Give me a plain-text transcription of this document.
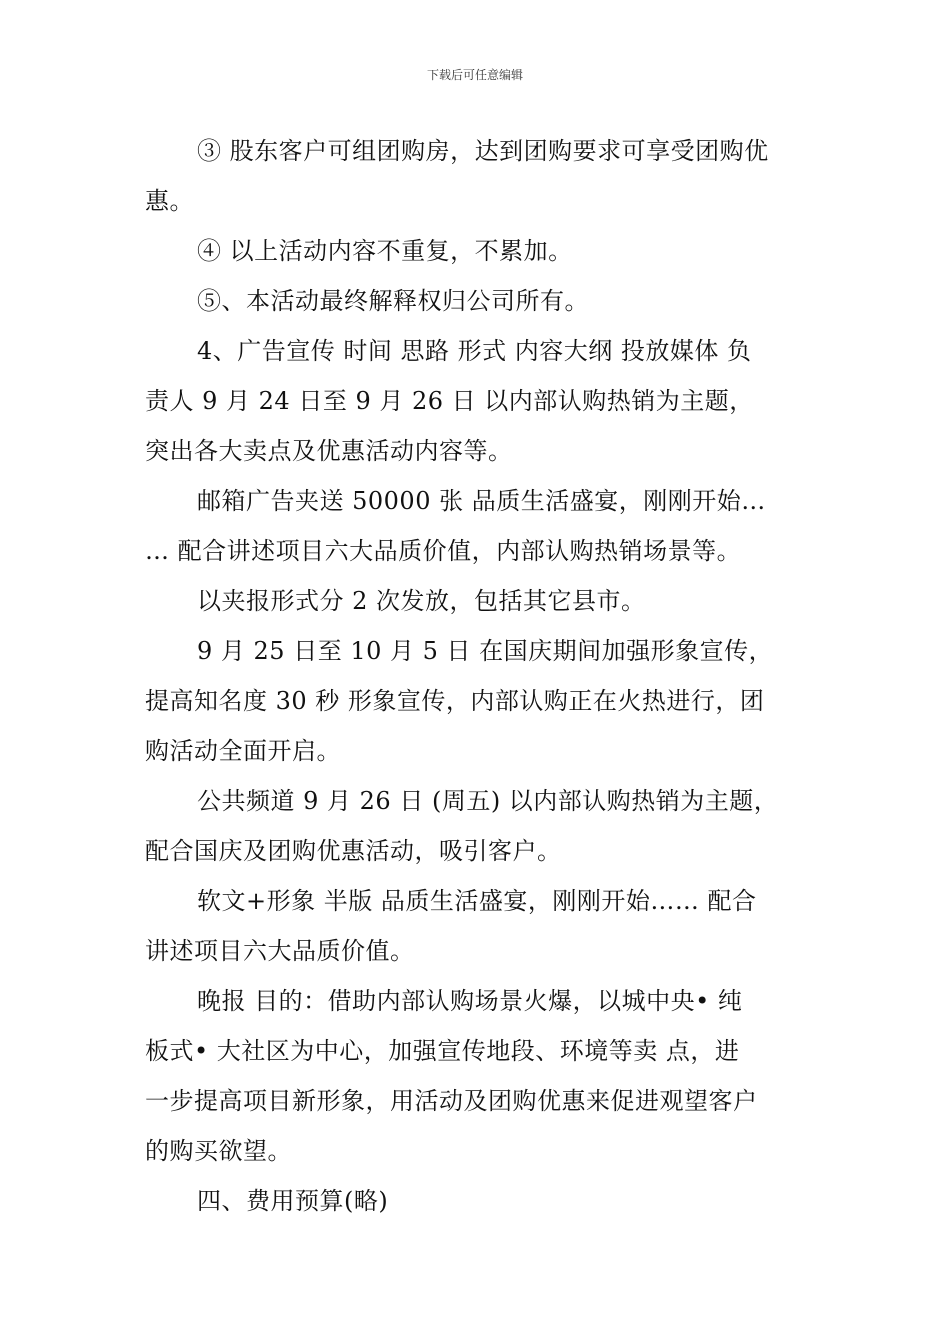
下载后可任意编辑
③ 股东客户可组团购房，达到团购要求可享受团购优
惠。
④ 以上活动内容不重复，不累加。
⑤、本活动最终解释权归公司所有。
4、广告宣传 时间 思路 形式 内容大纲 投放媒体 负
责人 9 月 24 日至 9 月 26 日 以内部认购热销为主题，
突出各大卖点及优惠活动内容等。
邮箱广告夹送 50000 张 品质生活盛宴，刚刚开始…
… 配合讲述项目六大品质价值，内部认购热销场景等。
以夹报形式分 2 次发放，包括其它县市。
9 月 25 日至 10 月 5 日 在国庆期间加强形象宣传，
提高知名度 30 秒 形象宣传，内部认购正在火热进行，团
购活动全面开启。
公共频道 9 月 26 日 (周五) 以内部认购热销为主题，
配合国庆及团购优惠活动，吸引客户。
软文+形象 半版 品质生活盛宴，刚刚开始…… 配合
讲述项目六大品质价值。
晚报 目的：借助内部认购场景火爆，以城中央• 纯
板式• 大社区为中心，加强宣传地段、环境等卖 点，进
一步提高项目新形象，用活动及团购优惠来促进观望客户
的购买欲望。
四、费用预算(略)
